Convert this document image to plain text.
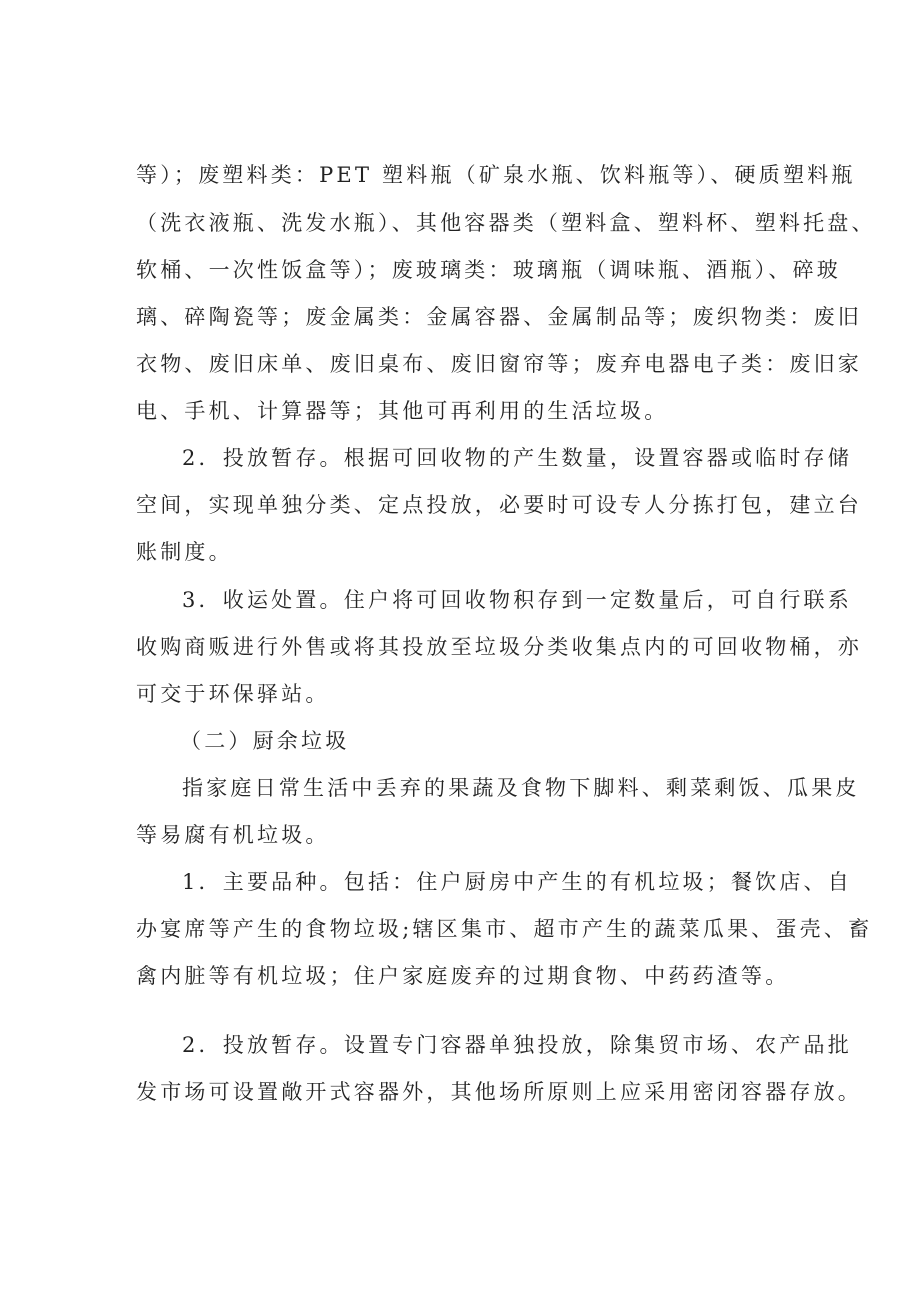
等）；废塑料类：PET 塑料瓶（矿泉水瓶、饮料瓶等）、硬质塑料瓶
（洗衣液瓶、洗发水瓶）、其他容器类（塑料盒、塑料杯、塑料托盘、
软桶、一次性饭盒等）；废玻璃类：玻璃瓶（调味瓶、酒瓶）、碎玻
璃、碎陶瓷等；废金属类：金属容器、金属制品等；废织物类：废旧
衣物、废旧床单、废旧桌布、废旧窗帘等；废弃电器电子类：废旧家
电、手机、计算器等；其他可再利用的生活垃圾。
2．投放暂存。根据可回收物的产生数量，设置容器或临时存储
空间，实现单独分类、定点投放，必要时可设专人分拣打包，建立台
账制度。
3．收运处置。住户将可回收物积存到一定数量后，可自行联系
收购商贩进行外售或将其投放至垃圾分类收集点内的可回收物桶，亦
可交于环保驿站。
（二）厨余垃圾
指家庭日常生活中丢弃的果蔬及食物下脚料、剩菜剩饭、瓜果皮
等易腐有机垃圾。
1．主要品种。包括：住户厨房中产生的有机垃圾；餐饮店、自
办宴席等产生的食物垃圾;辖区集市、超市产生的蔬菜瓜果、蛋壳、畜
禽内脏等有机垃圾；住户家庭废弃的过期食物、中药药渣等。
2．投放暂存。设置专门容器单独投放，除集贸市场、农产品批
发市场可设置敞开式容器外，其他场所原则上应采用密闭容器存放。
